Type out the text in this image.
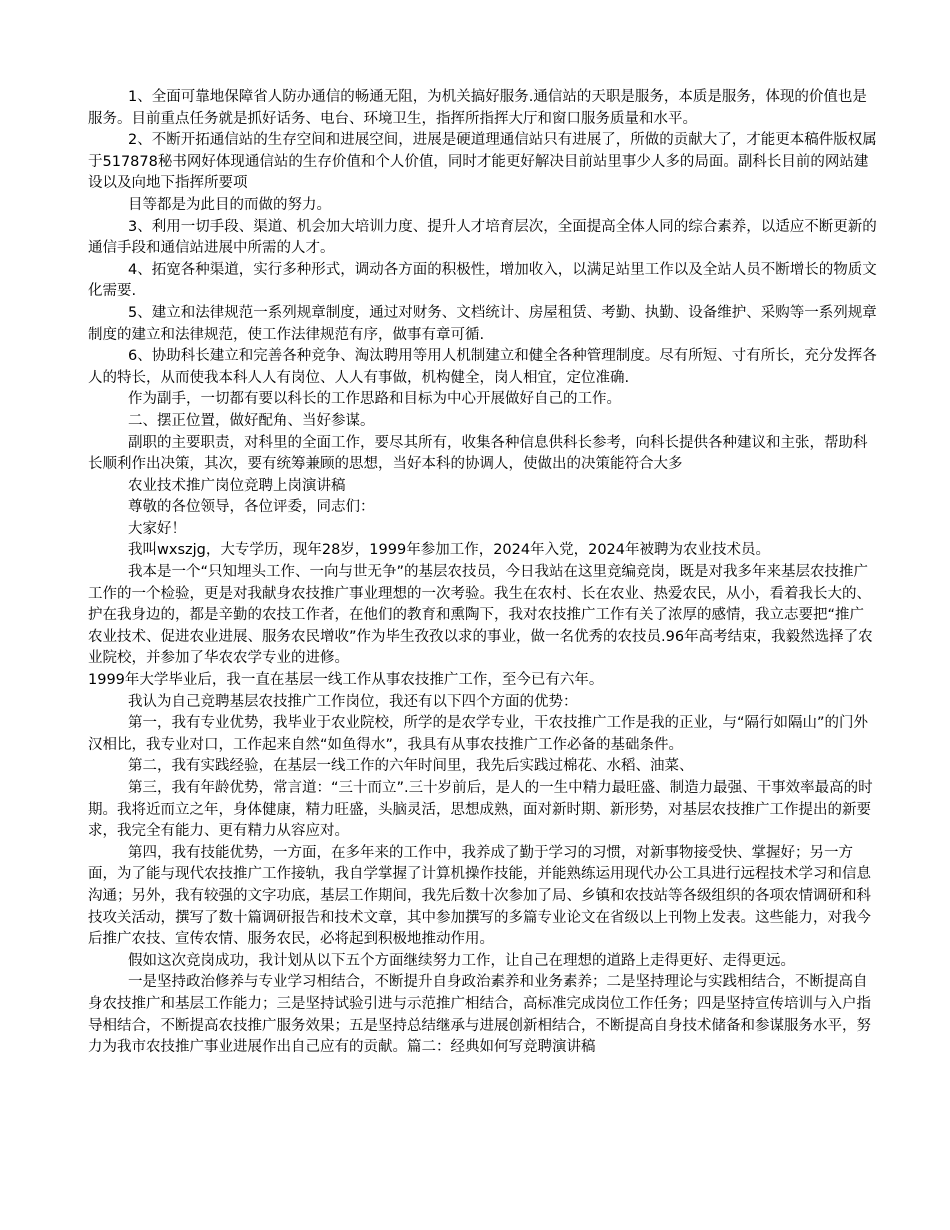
1、全面可靠地保障省人防办通信的畅通无阻，为机关搞好服务.通信站的天职是服务，本质是服务，体现的价值也是服务。目前重点任务就是抓好话务、电台、环境卫生，指挥所指挥大厅和窗口服务质量和水平。

2、不断开拓通信站的生存空间和进展空间，进展是硬道理通信站只有进展了，所做的贡献大了，才能更本稿件版权属于517878秘书网好体现通信站的生存价值和个人价值，同时才能更好解决目前站里事少人多的局面。副科长目前的网站建设以及向地下指挥所要项

目等都是为此目的而做的努力。

3、利用一切手段、渠道、机会加大培训力度、提升人才培育层次，全面提高全体人同的综合素养，以适应不断更新的通信手段和通信站进展中所需的人才。

4、拓宽各种渠道，实行多种形式，调动各方面的积极性，增加收入，以满足站里工作以及全站人员不断增长的物质文化需要.

5、建立和法律规范一系列规章制度，通过对财务、文档统计、房屋租赁、考勤、执勤、设备维护、采购等一系列规章制度的建立和法律规范，使工作法律规范有序，做事有章可循.

6、协助科长建立和完善各种竞争、淘汰聘用等用人机制建立和健全各种管理制度。尽有所短、寸有所长，充分发挥各人的特长，从而使我本科人人有岗位、人人有事做，机构健全，岗人相宜，定位准确.

作为副手，一切都有要以科长的工作思路和目标为中心开展做好自己的工作。

二、摆正位置，做好配角、当好参谋。

副职的主要职责，对科里的全面工作，要尽其所有，收集各种信息供科长参考，向科长提供各种建议和主张，帮助科长顺利作出决策，其次，要有统筹兼顾的思想，当好本科的协调人，使做出的决策能符合大多

农业技术推广岗位竞聘上岗演讲稿

尊敬的各位领导，各位评委，同志们：

大家好！

我叫wxszjg，大专学历，现年28岁，1999年参加工作，2024年入党，2024年被聘为农业技术员。

我本是一个“只知埋头工作、一向与世无争”的基层农技员，今日我站在这里竞编竞岗，既是对我多年来基层农技推广工作的一个检验，更是对我献身农技推广事业理想的一次考验。我生在农村、长在农业、热爱农民，从小，看着我长大的、护在我身边的，都是辛勤的农技工作者，在他们的教育和熏陶下，我对农技推广工作有关了浓厚的感情，我立志要把“推广农业技术、促进农业进展、服务农民增收”作为毕生孜孜以求的事业，做一名优秀的农技员.96年高考结束，我毅然选择了农业院校，并参加了华农农学专业的进修。

1999年大学毕业后，我一直在基层一线工作从事农技推广工作，至今已有六年。

我认为自己竞聘基层农技推广工作岗位，我还有以下四个方面的优势：

第一，我有专业优势，我毕业于农业院校，所学的是农学专业，干农技推广工作是我的正业，与“隔行如隔山”的门外汉相比，我专业对口，工作起来自然“如鱼得水”，我具有从事农技推广工作必备的基础条件。

第二，我有实践经验，在基层一线工作的六年时间里，我先后实践过棉花、水稻、油菜、

第三，我有年龄优势，常言道：“三十而立”.三十岁前后，是人的一生中精力最旺盛、制造力最强、干事效率最高的时期。我将近而立之年，身体健康，精力旺盛，头脑灵活，思想成熟，面对新时期、新形势，对基层农技推广工作提出的新要求，我完全有能力、更有精力从容应对。

第四，我有技能优势，一方面，在多年来的工作中，我养成了勤于学习的习惯，对新事物接受快、掌握好；另一方面，为了能与现代农技推广工作接轨，我自学掌握了计算机操作技能，并能熟练运用现代办公工具进行远程技术学习和信息沟通；另外，我有较强的文字功底，基层工作期间，我先后数十次参加了局、乡镇和农技站等各级组织的各项农情调研和科技攻关活动，撰写了数十篇调研报告和技术文章，其中参加撰写的多篇专业论文在省级以上刊物上发表。这些能力，对我今后推广农技、宣传农情、服务农民，必将起到积极地推动作用。

假如这次竞岗成功，我计划从以下五个方面继续努力工作，让自己在理想的道路上走得更好、走得更远。

一是坚持政治修养与专业学习相结合，不断提升自身政治素养和业务素养；二是坚持理论与实践相结合，不断提高自身农技推广和基层工作能力；三是坚持试验引进与示范推广相结合，高标准完成岗位工作任务；四是坚持宣传培训与入户指导相结合，不断提高农技推广服务效果；五是坚持总结继承与进展创新相结合，不断提高自身技术储备和参谋服务水平，努力为我市农技推广事业进展作出自己应有的贡献。篇二：经典如何写竞聘演讲稿
